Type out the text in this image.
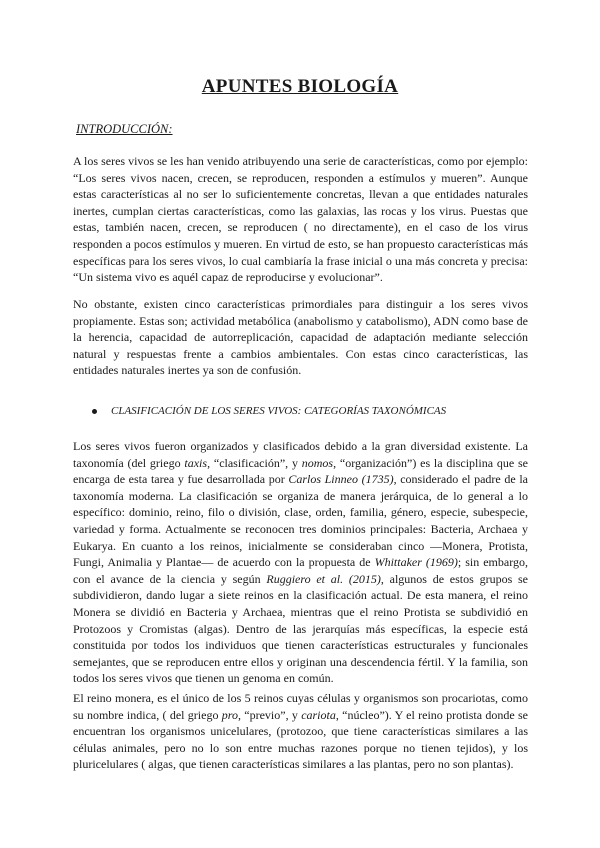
APUNTES BIOLOGÍA
INTRODUCCIÓN:

A los seres vivos se les han venido atribuyendo una serie de características, como por ejemplo: “Los seres vivos nacen, crecen, se reproducen, responden a estímulos y mueren”. Aunque estas características al no ser lo suficientemente concretas, llevan a que entidades naturales inertes, cumplan ciertas características, como las galaxias, las rocas y los virus. Puestas que estas, también nacen, crecen, se reproducen ( no directamente), en el caso de los virus responden a pocos estímulos y mueren. En virtud de esto, se han propuesto características más específicas para los seres vivos, lo cual cambiaría la frase inicial o una más concreta y precisa: “Un sistema vivo es aquél capaz de reproducirse y evolucionar”.

No obstante, existen cinco características primordiales para distinguir a los seres vivos propiamente. Estas son; actividad metabólica (anabolismo y catabolismo), ADN como base de la herencia, capacidad de autorreplicación, capacidad de adaptación mediante selección natural y respuestas frente a cambios ambientales. Con estas cinco características, las entidades naturales inertes ya son de confusión.

CLASIFICACIÓN DE LOS SERES VIVOS: CATEGORÍAS TAXONÓMICAS

Los seres vivos fueron organizados y clasificados debido a la gran diversidad existente. La taxonomía (del griego taxis, “clasificación”, y nomos, “organización”) es la disciplina que se encarga de esta tarea y fue desarrollada por Carlos Linneo (1735), considerado el padre de la taxonomía moderna. La clasificación se organiza de manera jerárquica, de lo general a lo específico: dominio, reino, filo o división, clase, orden, familia, género, especie, subespecie, variedad y forma. Actualmente se reconocen tres dominios principales: Bacteria, Archaea y Eukarya. En cuanto a los reinos, inicialmente se consideraban cinco —Monera, Protista, Fungi, Animalia y Plantae— de acuerdo con la propuesta de Whittaker (1969); sin embargo, con el avance de la ciencia y según Ruggiero et al. (2015), algunos de estos grupos se subdividieron, dando lugar a siete reinos en la clasificación actual. De esta manera, el reino Monera se dividió en Bacteria y Archaea, mientras que el reino Protista se subdividió en Protozoos y Cromistas (algas). Dentro de las jerarquías más específicas, la especie está constituida por todos los individuos que tienen características estructurales y funcionales semejantes, que se reproducen entre ellos y originan una descendencia fértil. Y la familia, son todos los seres vivos que tienen un genoma en común.

El reino monera, es el único de los 5 reinos cuyas células y organismos son procariotas, como su nombre indica, ( del griego pro, “previo”, y cariota, “núcleo”). Y el reino protista donde se encuentran los organismos unicelulares, (protozoo, que tiene características similares a las células animales, pero no lo son entre muchas razones porque no tienen tejidos), y los pluricelulares ( algas, que tienen características similares a las plantas, pero no son plantas).
